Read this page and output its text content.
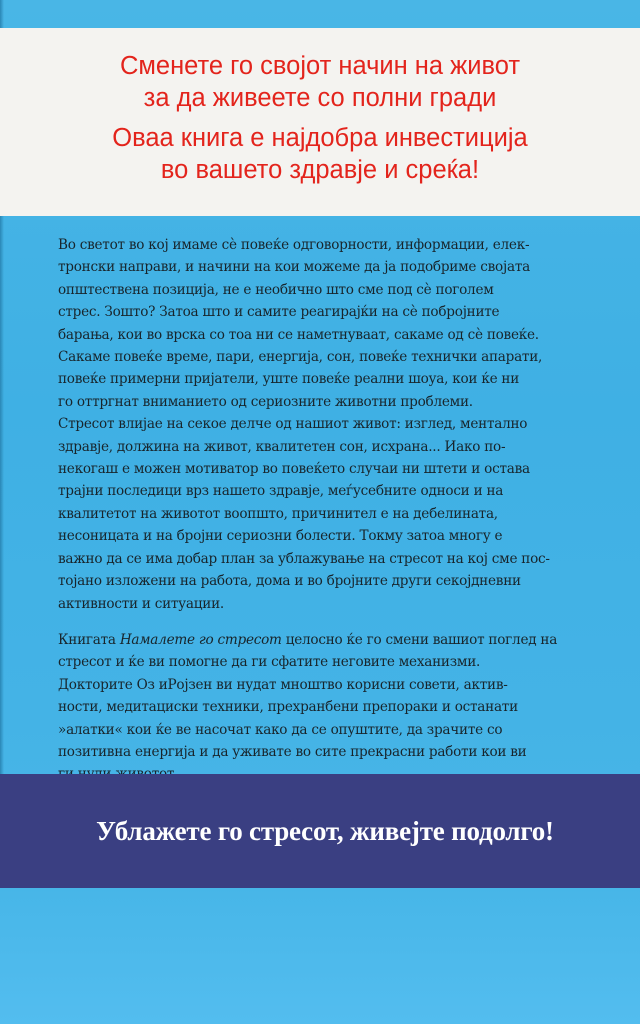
Сменете го својот начин на живот

за да живеете со полни гради

Оваа книга е најдобра инвестиција

во вашето здравје и среќа!

Во светот во кој имаме сè повеќе одговорности, информации, елек-
тронски направи, и начини на кои можеме да ја подобриме својата
општествена позиција, не е необично што сме под сè поголем
стрес. Зошто? Затоа што и самите реагирајќи на сè побројните
барања, кои во врска со тоа ни се наметнуваат, сакаме од сè повеќе.
Сакаме повеќе време, пари, енергија, сон, повеќе технички апарати,
повеќе примерни пријатели, уште повеќе реални шоуа, кои ќе ни
го оттргнат вниманието од сериозните животни проблеми.
Стресот влијае на секое делче од нашиот живот: изглед, ментално
здравје, должина на живот, квалитетен сон, исхрана... Иако по-
некогаш е можен мотиватор во повеќето случаи ни штети и остава
трајни последици врз нашето здравје, меѓусебните односи и на
квалитетот на животот воопшто, причинител е на дебелината,
несоницата и на бројни сериозни болести. Токму затоа многу е
важно да се има добар план за ублажување на стресот на кој сме пос-
тојано изложени на работа, дома и во бројните други секојдневни
активности и ситуации.
Книгата Намалете го стресот целосно ќе го смени вашиот поглед на
стресот и ќе ви помогне да ги сфатите неговите механизми.
Докторите Оз иРојзен ви нудат мноштво корисни совети, актив-
ности, медитациски техники, прехранбени препораки и останати
»алатки« кои ќе ве насочат како да се опуштите, да зрачите со
позитивна енергија и да уживате во сите прекрасни работи кои ви
Ублажете го стресот, живејте подолго!
